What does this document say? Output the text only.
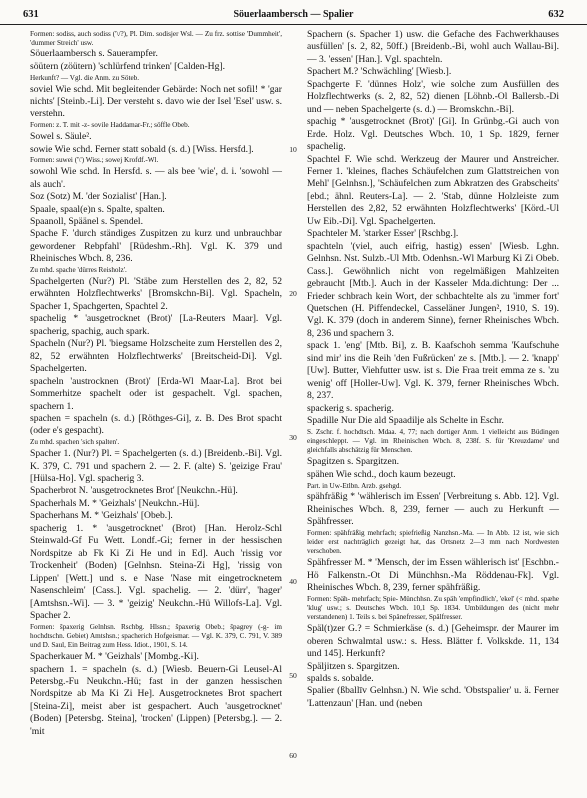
631	Söuerlaambersch — Spalier	632

Formen: sodiss, auch sodiss ('\/?), Pl. Dim. sodisjer Wsl. — Zu frz. sottise 'Dummheit', 'dummer Streich' usw.

Söuerlaambersch s. Sauerampfer.

söütern (zöütern) 'schlürfend trinken' [Calden-Hg].

Herkunft? — Vgl. die Anm. zu Söteb.

soviel Wie schd. Mit begleitender Gebärde: Noch net sofil! * 'gar nichts' [Steinb.-Li]. Der versteht s. davo wie der Isel 'Esel' usw. s. verstehn.

Formen: z. T. mit -z- sovile Haddamar-Fr.; söffle Obeb.

Sowel s. Säule².

sowie Wie schd. Ferner statt sobald (s. d.) [Wiss. Hersfd.].

Formen: suwei ('\') Wiss.; sowej Krofdf.-Wl.

sowohl Wie schd. In Hersfd. s. — als bee 'wie', d. i. 'sowohl — als auch'.

Soz (Sotz) M. 'der Sozialist' [Han.].

Spaale, spaal(e)n s. Spalte, spalten.

Spaanoll, Späänel s. Spendel.

Spache F. 'durch ständiges Zuspitzen zu kurz und unbrauchbar gewordener Rebpfahl' [Rüdeshm.-Rh]. Vgl. K. 379 und Rheinisches Wbch. 8, 236.

Zu mhd. spache 'dürres Reisholz'.

Spachelgerten (Nur?) Pl. 'Stäbe zum Herstellen des 2, 82, 52 erwähnten Holzflechtwerks' [Bromskchn-Bi]. Vgl. Spacheln, Spacher 1, Spachgerten, Spachtel 2.

spachelig * 'ausgetrocknet (Brot)' [La-Reuters Maar]. Vgl. spacherig, spachig, auch spark.

Spacheln (Nur?) Pl. 'biegsame Holzscheite zum Herstellen des 2, 82, 52 erwähnten Holzflechtwerks' [Breitscheid-Di]. Vgl. Spachelgerten.

spacheln 'austrocknen (Brot)' [Erda-Wl Maar-La]. Brot bei Sommerhitze spachelt oder ist gespachelt. Vgl. spachen, spachern 1.

spachen = spacheln (s. d.) [Röthges-Gi], z. B. Des Brot spacht (oder e's gespacht).

Zu mhd. spachen 'sich spalten'.

Spacher 1. (Nur?) Pl. = Spachelgerten (s. d.) [Breidenb.-Bi]. Vgl. K. 379, C. 791 und spachern 2. — 2. F. (alte) S. 'geizige Frau' [Hülsa-Ho]. Vgl. spacherig 3.

Spacherbrot N. 'ausgetrocknetes Brot' [Neukchn.-Hü].

Spacherhals M. * 'Geizhals' [Neukchn.-Hü].

Spacherhans M. * 'Geizhals' [Obeb.].

spacherig 1. * 'ausgetrocknet' (Brot) [Han. Herolz-Schl Steinwald-Gf Fu Wett. Londf.-Gi; ferner in der hessischen Nordspitze ab Fk Ki Zi He und in Ed]. Auch 'rissig vor Trockenheit' (Boden) [Gelnhsn. Steina-Zi Hg], 'rissig von Lippen' [Wett.] und s. e Nase 'Nase mit eingetrocknetem Nasenschleim' [Cass.]. Vgl. spachelig. — 2. 'dürr', 'hager' [Amtshsn.-Wi]. — 3. * 'geizig' Neukchn.-Hü Willofs-La]. Vgl. Spacher 2.

Formen: špaxerig Gelnhsn. Rschbg. Hlssn.; špaxerig Obeb.; špagrey (-g- im hochdtschn. Gebiet) Amtshsn.; spacherich Hofgeismar. — Vgl. K. 379, C. 791, V. 389 und D. Saul, Ein Beitrag zum Hess. Idiot., 1901, S. 14.

Spacherkauer M. * 'Geizhals' [Mombg.-Ki].

spachern 1. = spacheln (s. d.) [Wiesb. Beuern-Gi Leusel-Al Petersbg.-Fu Neukchn.-Hü; fast in der ganzen hessischen Nordspitze ab Ma Ki Zi He]. Ausgetrocknetes Brot spachert [Steina-Zi], meist aber ist gespachert. Auch 'ausgetrocknet' (Boden) [Petersbg. Steina], 'trocken' (Lippen) [Petersbg.]. — 2. 'mit

Spachern (s. Spacher 1) usw. die Gefache des Fachwerkhauses ausfüllen' [s. 2, 82, 50ff.) [Breidenb.-Bi, wohl auch Wallau-Bi]. — 3. 'essen' [Han.]. Vgl. spachteln.

Spachert M.? 'Schwächling' [Wiesb.].

Spachgerte F. 'dünnes Holz', wie solche zum Ausfüllen des Holzflechtwerks (s. 2, 82, 52) dienen [Löhnb.-Ol Ballersb.-Di und — neben Spachelgerte (s. d.) — Bromskchn.-Bi].

spachig * 'ausgetrocknet (Brot)' [Gi]. In Grünbg.-Gi auch von Erde. Holz. Vgl. Deutsches Wbch. 10, 1 Sp. 1829, ferner spachelig.

Spachtel F. Wie schd. Werkzeug der Maurer und Anstreicher. Ferner 1. 'kleines, flaches Schäufelchen zum Glattstreichen von Mehl' [Gelnhsn.], 'Schäufelchen zum Abkratzen des Grabscheits' [ebd.; ähnl. Reuters-La]. — 2. 'Stab, dünne Holzleiste zum Herstellen des 2,82, 52 erwähnten Holzflechtwerks' [Körd.-Ul Uw Eib.-Di]. Vgl. Spachelgerten.

Spachteler M. 'starker Esser' [Rschbg.].

spachteln '(viel, auch eifrig, hastig) essen' [Wiesb. Lghn. Gelnhsn. Nst. Sulzb.-Ul Mtb. Odenhsn.-Wl Marburg Ki Zi Obeb. Cass.]. Gewöhnlich nicht von regelmäßigen Mahlzeiten gebraucht [Mtb.]. Auch in der Kasseler Mda.dichtung: Der ... Frieder schbrach kein Wort, der schbachtelte als zu 'immer fort' Quetschen (H. Piffendeckel, Casseläner Jungen², 1910, S. 19). Vgl. K. 379 (doch in anderem Sinne), ferner Rheinisches Wbch. 8, 236 und spachern 3.

spack 1. 'eng' [Mtb. Bi], z. B. Kaafschoh semma 'Kaufschuhe sind mir' ins die Reih 'den Fußrücken' ze s. [Mtb.]. — 2. 'knapp' [Uw]. Butter, Viehfutter usw. ist s. Die Fraa treit emma ze s. 'zu wenig' off [Holler-Uw]. Vgl. K. 379, ferner Rheinisches Wbch. 8, 237.

spackerig s. spacherig.

Spadille Nur Die ald Spaadilje als Schelte in Eschr.

S. Zschr. f. hochdtsch. Mdaa. 4, 77; nach dortiger Anm. 1 vielleicht aus Büdingen eingeschleppt. — Vgl. im Rheinischen Wbch. 8, 238f. S. für 'Kreuzdame' und gleichfalls abschätzig für Menschen.

Spagitzen s. Spargitzen.

spähen Wie schd., doch kaum bezeugt.

Part. in Uw-Etlbn. Arzb. gsehgd.

spähfräßig * 'wählerisch im Essen' [Verbreitung s. Abb. 12]. Vgl. Rheinisches Wbch. 8, 239, ferner — auch zu Herkunft — Spähfresser.

Formen: spähfräßig mehrfach; spiefrießig Nanzhsn.-Ma. — In Abb. 12 ist, wie sich leider erst nachträglich gezeigt hat, das Ortsnetz 2—3 mm nach Nordwesten verschoben.

Spähfresser M. * 'Mensch, der im Essen wählerisch ist' [Eschbn.-Hö Falkenstn.-Ot Di Münchhsn.-Ma Röddenau-Fk]. Vgl. Rheinisches Wbch. 8, 239, ferner spähfräßig.

Formen: Späh- mehrfach; Spie- Münchhsn. Zu späh 'empfindlich', 'ekel' (< mhd. spæhe 'klug' usw.; s. Deutsches Wbch. 10,1 Sp. 1834. Umbildungen des (nicht mehr verstandenen) 1. Teils s. bei Spänefresser, Spälfresser.

Späl(t)zer G.? = Schmierkäse (s. d.) [Geheimspr. der Maurer im oberen Schwalmtal usw.: s. Hess. Blätter f. Volkskde. 11, 134 und 145]. Herkunft?

Späljitzen s. Spargitzen.

spalds s. sobalde.

Spalier (ßballīv Gelnhsn.) N. Wie schd. 'Obstspalier' u. ä. Ferner 'Lattenzaun' [Han. und (neben

10
20
30
40
50
60
